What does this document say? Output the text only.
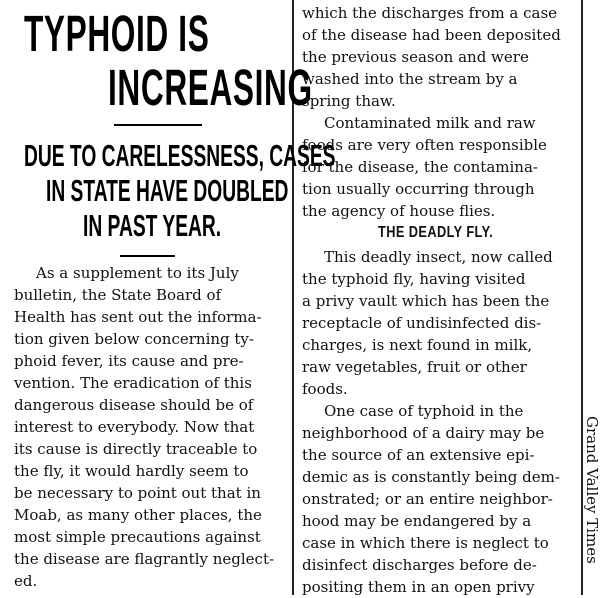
TYPHOID IS
INCREASING
DUE TO CARELESSNESS, CASES
IN STATE HAVE DOUBLED
IN PAST YEAR.
As a supplement to its July
bulletin, the State Board of
Health has sent out the informa-
tion given below concerning ty-
phoid fever, its cause and pre-
vention. The eradication of this
dangerous disease should be of
interest to everybody. Now that
its cause is directly traceable to
the fly, it would hardly seem to
be necessary to point out that in
Moab, as many other places, the
most simple precautions against
the disease are flagrantly neglect-
ed.
which the discharges from a case
of the disease had been deposited
the previous season and were
washed into the stream by a
spring thaw.
Contaminated milk and raw
foods are very often responsible
for the disease, the contamina-
tion usually occurring through
the agency of house flies.
THE DEADLY FLY.
This deadly insect, now called
the typhoid fly, having visited
a privy vault which has been the
receptacle of undisinfected dis-
charges, is next found in milk,
raw vegetables, fruit or other
foods.
One case of typhoid in the
neighborhood of a dairy may be
the source of an extensive epi-
demic as is constantly being dem-
onstrated; or an entire neighbor-
hood may be endangered by a
case in which there is neglect to
disinfect discharges before de-
positing them in an open privy
Grand Valley Times
